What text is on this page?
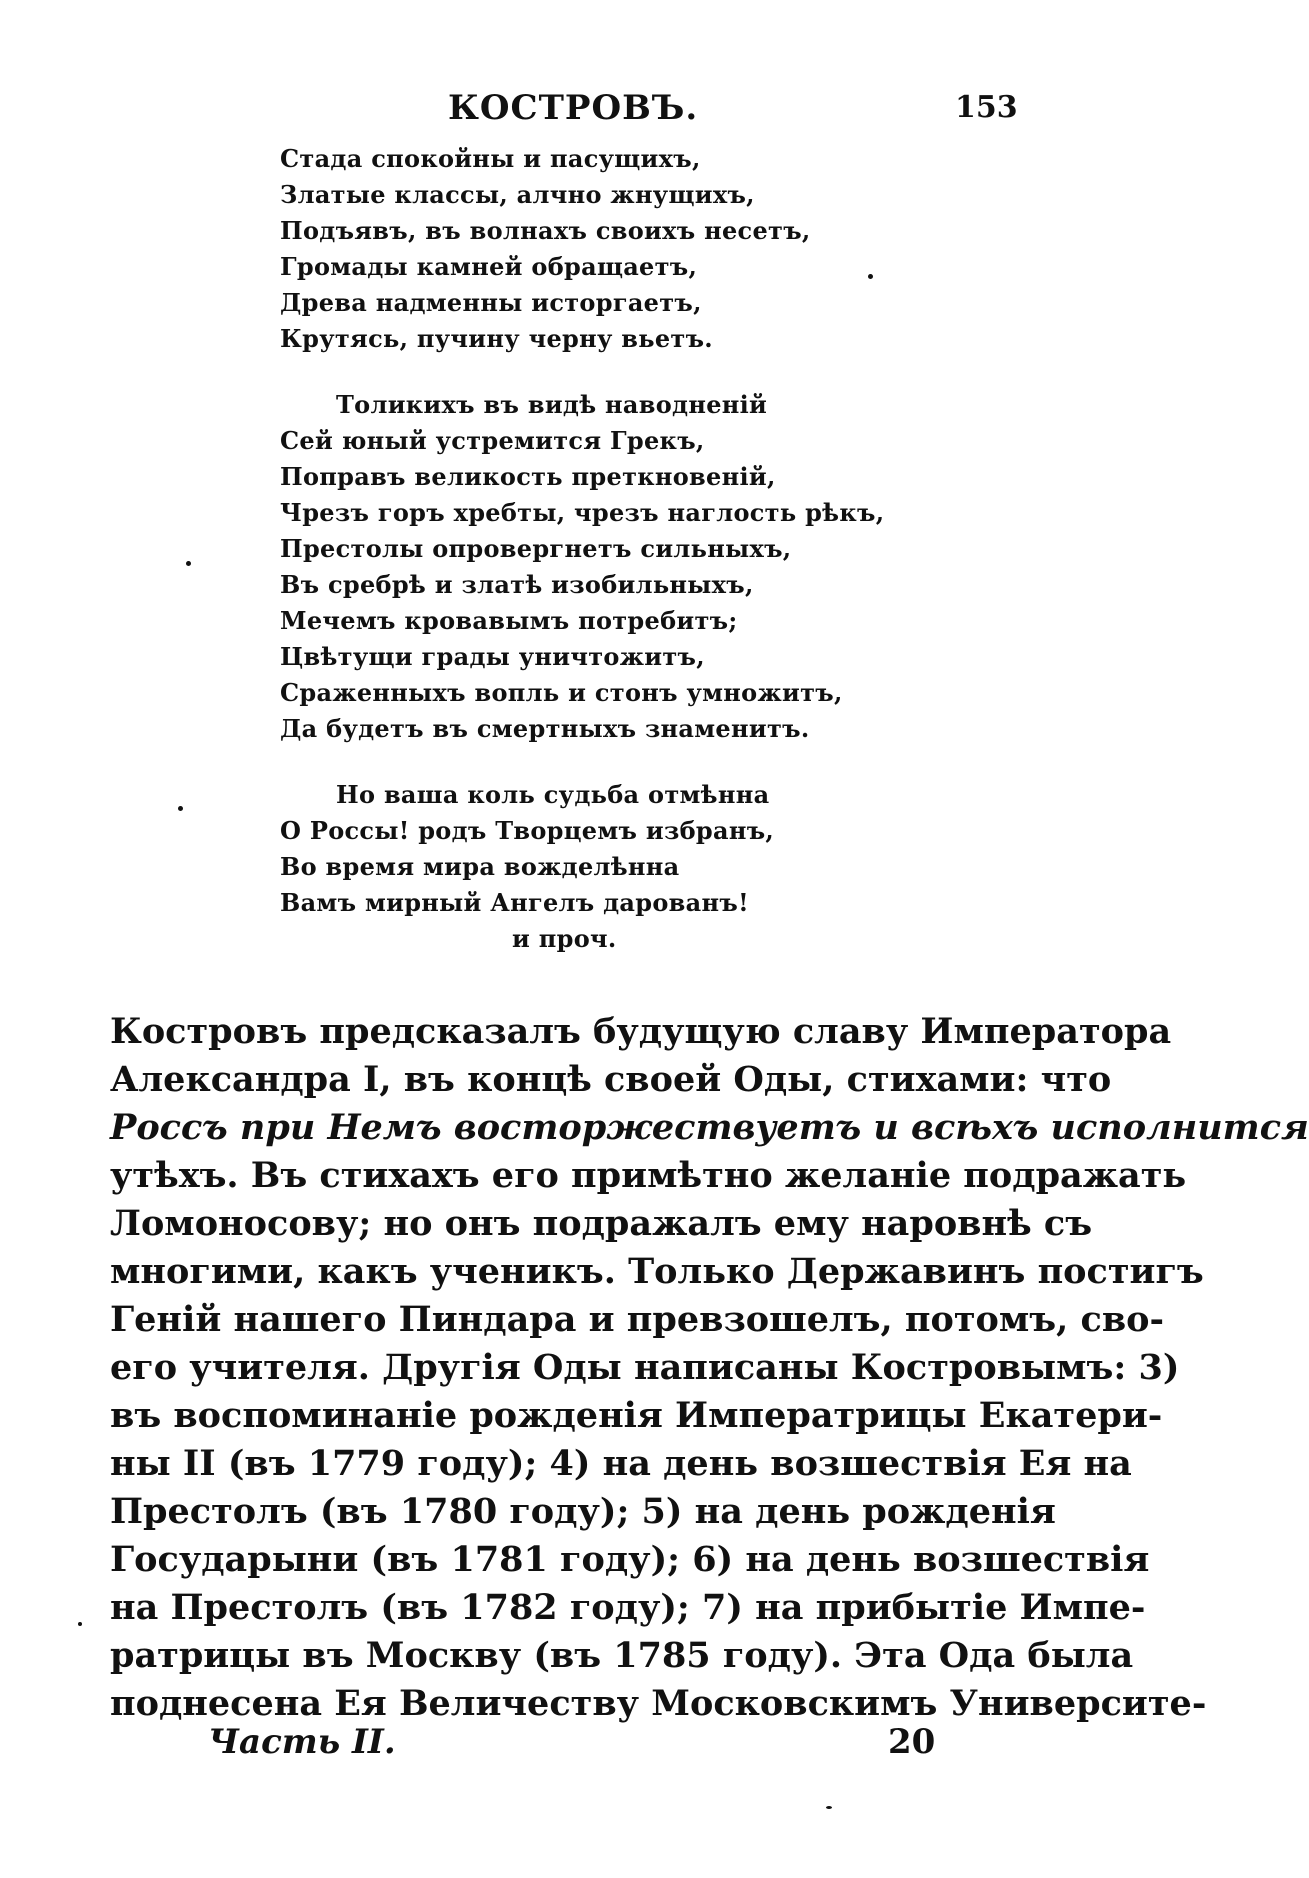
КОСТРОВЪ.	153
Стада спокойны и пасущихъ,
Златые классы, алчно жнущихъ,
Подъявъ, въ волнахъ своихъ несетъ,
Громады камней обращаетъ,
Древа надменны исторгаетъ,
Крутясь, пучину черну вьетъ.
Толикихъ въ видѣ наводненій
Сей юный устремится Грекъ,
Поправъ великость преткновеній,
Чрезъ горъ хребты, чрезъ наглость рѣкъ,
Престолы опровергнетъ сильныхъ,
Въ сребрѣ и златѣ изобильныхъ,
Мечемъ кровавымъ потребитъ;
Цвѣтущи грады уничтожитъ,
Сраженныхъ вопль и стонъ умножитъ,
Да будетъ въ смертныхъ знаменитъ.
Но ваша коль судьба отмѣнна
О Россы! родъ Творцемъ избранъ,
Во время мира вожделѣнна
Вамъ мирный Ангелъ дарованъ!
и проч.
Костровъ предсказалъ будущую славу Императора
Александра I, въ концѣ своей Оды, стихами: что
Россъ при Немъ восторжествуетъ и всѣхъ исполнится
утѣхъ. Въ стихахъ его примѣтно желаніе подражать
Ломоносову; но онъ подражалъ ему наровнѣ съ
многими, какъ ученикъ. Только Державинъ постигъ
Геній нашего Пиндара и превзошелъ, потомъ, сво-
его учителя. Другія Оды написаны Костровымъ: 3)
въ воспоминаніе рожденія Императрицы Екатери-
ны II (въ 1779 году); 4) на день возшествія Ея на
Престолъ (въ 1780 году); 5) на день рожденія
Государыни (въ 1781 году); 6) на день возшествія
на Престолъ (въ 1782 году); 7) на прибытіе Импе-
ратрицы въ Москву (въ 1785 году). Эта Ода была
поднесена Ея Величеству Московскимъ Университе-
Часть II.	20
